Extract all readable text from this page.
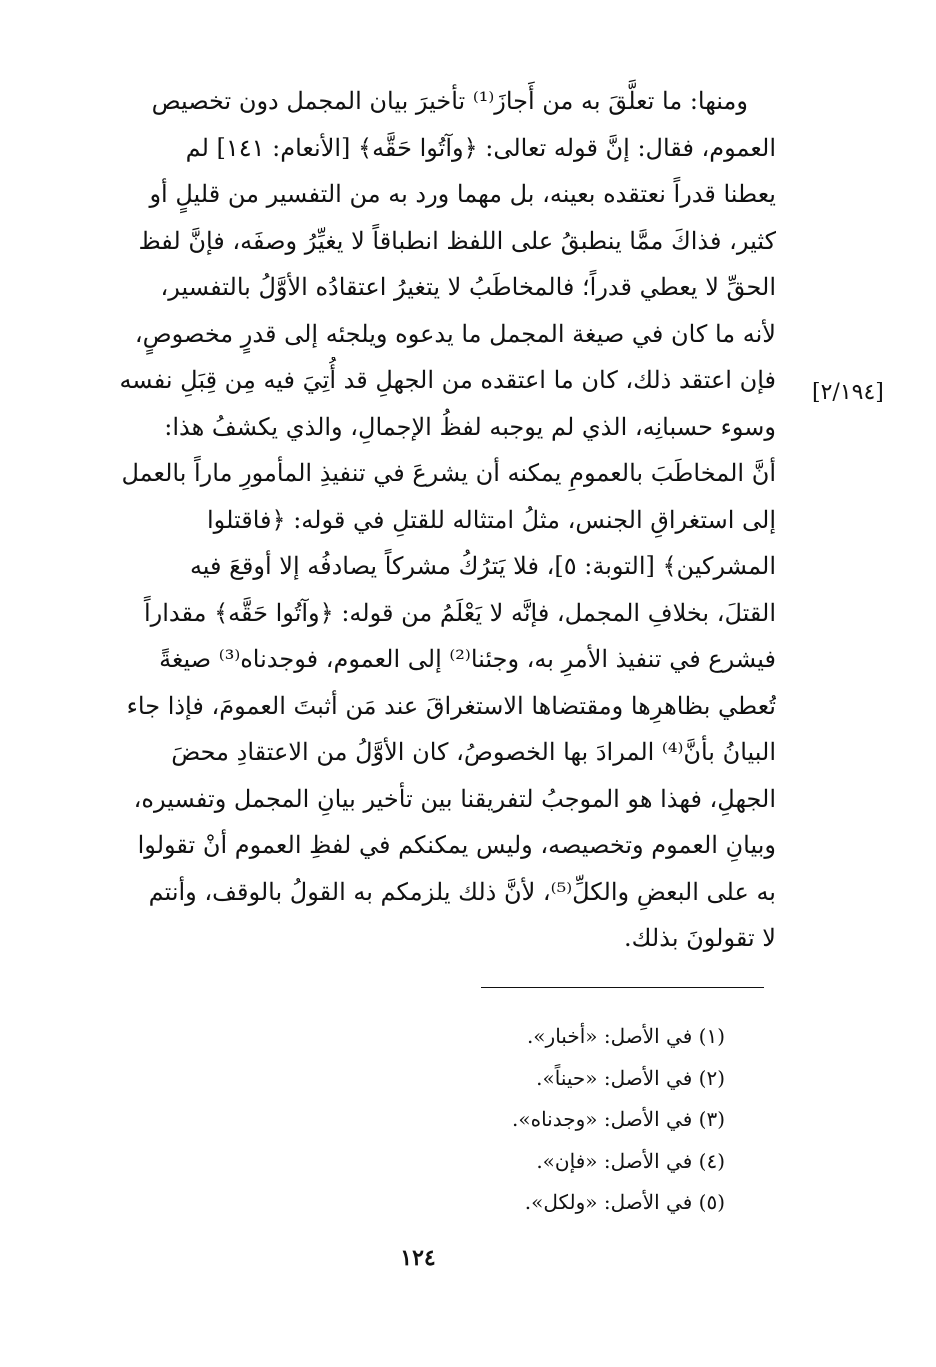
ومنها: ما تعلَّقَ به من أَجازَ⁽¹⁾ تأخيرَ بيان المجمل دون تخصيص
العموم، فقال: إنَّ قوله تعالى: ﴿وآتُوا حَقَّه﴾ [الأنعام: ١٤١] لم
يعطنا قدراً نعتقده بعينه، بل مهما ورد به من التفسير من قليلٍ أو
كثير، فذاكَ ممَّا ينطبقُ على اللفظ انطباقاً لا يغيِّرُ وصفَه، فإنَّ لفظ
الحقِّ لا يعطي قدراً؛ فالمخاطَبُ لا يتغيرُ اعتقادُه الأوَّلُ بالتفسير،
لأنه ما كان في صيغة المجمل ما يدعوه ويلجئه إلى قدرٍ مخصوصٍ،
فإن اعتقد ذلك، كان ما اعتقده من الجهلِ قد أُتِيَ فيه مِن قِبَلِ نفسه
وسوء حسبانِه، الذي لم يوجبه لفظُ الإجمالِ، والذي يكشفُ هذا:
أنَّ المخاطَبَ بالعمومِ يمكنه أن يشرعَ في تنفيذِ المأمورِ ماراً بالعمل
إلى استغراقِ الجنس، مثلُ امتثاله للقتلِ في قوله: ﴿فاقتلوا
المشركين﴾ [التوبة: ٥]، فلا يَترُكُ مشركاً يصادفُه إلا أوقعَ فيه
القتلَ، بخلافِ المجمل، فإنَّه لا يَعْلَمُ من قوله: ﴿وآتُوا حَقَّه﴾ مقداراً
فيشرع في تنفيذ الأمرِ به، وجئنا⁽²⁾ إلى العموم، فوجدناه⁽³⁾ صيغةً
تُعطي بظاهرِها ومقتضاها الاستغراقَ عند مَن أثبتَ العمومَ، فإذا جاء
البيانُ بأنَّ⁽⁴⁾ المرادَ بها الخصوصُ، كان الأوَّلُ من الاعتقادِ محضَ
الجهلِ، فهذا هو الموجبُ لتفريقنا بين تأخير بيانِ المجمل وتفسيره،
وبيانِ العموم وتخصيصه، وليس يمكنكم في لفظِ العموم أنْ تقولوا
به على البعضِ والكلِّ⁽⁵⁾، لأنَّ ذلك يلزمكم به القولُ بالوقف، وأنتم
لا تقولونَ بذلك.
[٢/١٩٤]
(١) في الأصل: «أخبار».
(٢) في الأصل: «حيناً».
(٣) في الأصل: «وجدناه».
(٤) في الأصل: «فإن».
(٥) في الأصل: «ولكل».
١٢٤
